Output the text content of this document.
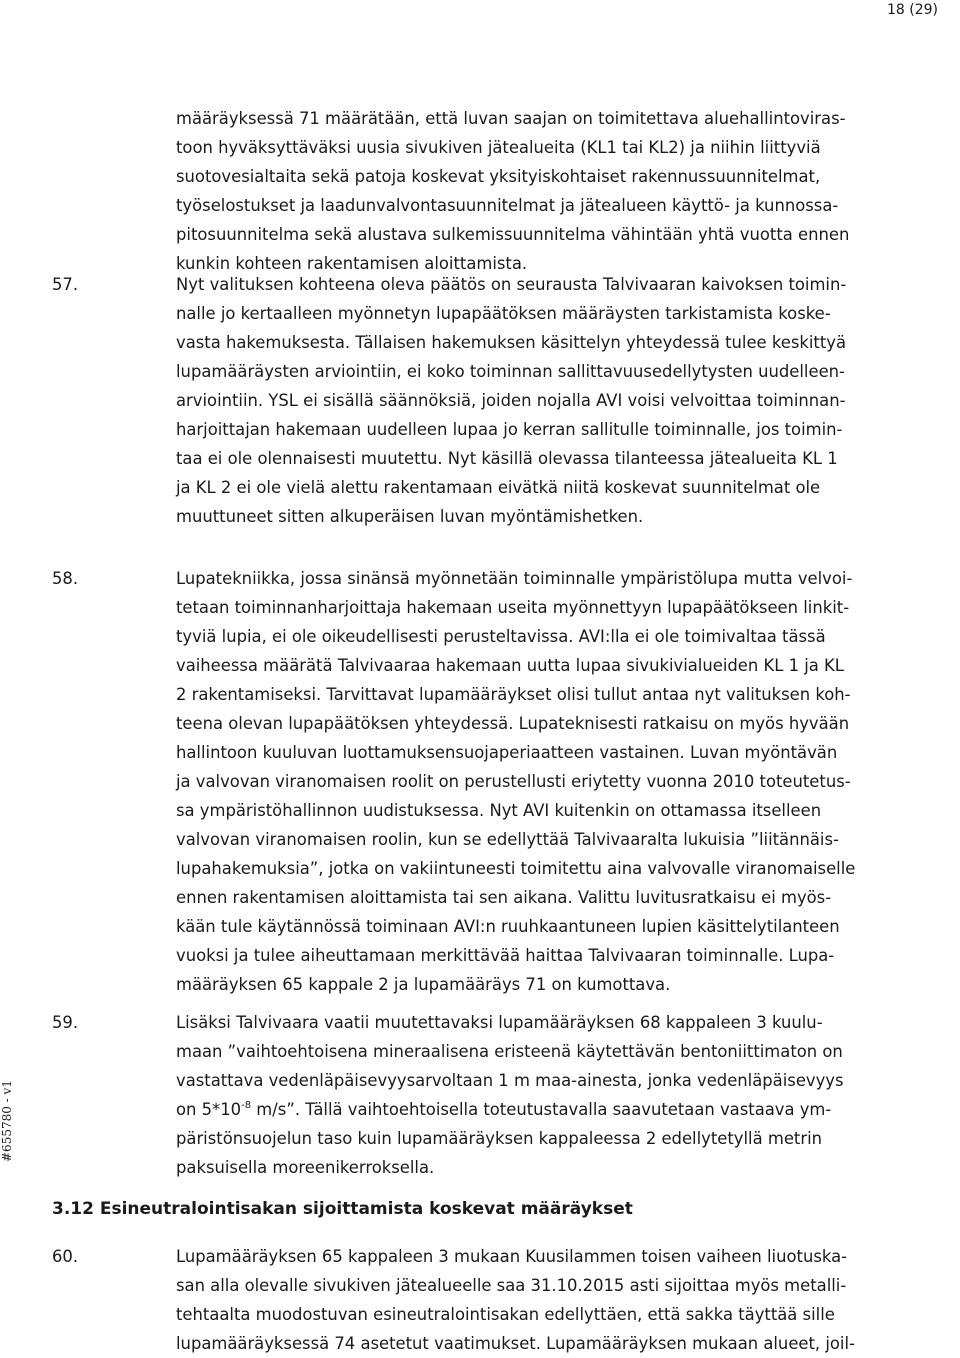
18 (29)
#655780 - v1
määräyksessä 71 määrätään, että luvan saajan on toimitettava aluehallintoviras-
toon hyväksyttäväksi uusia sivukiven jätealueita (KL1 tai KL2) ja niihin liittyviä
suotovesialtaita sekä patoja koskevat yksityiskohtaiset rakennussuunnitelmat,
työselostukset ja laadunvalvontasuunnitelmat ja jätealueen käyttö- ja kunnossa-
pitosuunnitelma sekä alustava sulkemissuunnitelma vähintään yhtä vuotta ennen
kunkin kohteen rakentamisen aloittamista.
57.	Nyt valituksen kohteena oleva päätös on seurausta Talvivaaran kaivoksen toimin-
nalle jo kertaalleen myönnetyn lupapäätöksen määräysten tarkistamista koske-
vasta hakemuksesta. Tällaisen hakemuksen käsittelyn yhteydessä tulee keskittyä
lupamääräysten arviointiin, ei koko toiminnan sallittavuusedellytysten uudelleen-
arviointiin. YSL ei sisällä säännöksiä, joiden nojalla AVI voisi velvoittaa toiminnan-
harjoittajan hakemaan uudelleen lupaa jo kerran sallitulle toiminnalle, jos toimin-
taa ei ole olennaisesti muutettu. Nyt käsillä olevassa tilanteessa jätealueita KL 1
ja KL 2 ei ole vielä alettu rakentamaan eivätkä niitä koskevat suunnitelmat ole
muuttuneet sitten alkuperäisen luvan myöntämishetken.
58.	Lupatekniikka, jossa sinänsä myönnetään toiminnalle ympäristölupa mutta velvoi-
tetaan toiminnanharjoittaja hakemaan useita myönnettyyn lupapäätökseen linkit-
tyviä lupia, ei ole oikeudellisesti perusteltavissa. AVI:lla ei ole toimivaltaa tässä
vaiheessa määrätä Talvivaaraa hakemaan uutta lupaa sivukivialueiden KL 1 ja KL
2 rakentamiseksi. Tarvittavat lupamääräykset olisi tullut antaa nyt valituksen koh-
teena olevan lupapäätöksen yhteydessä. Lupateknisesti ratkaisu on myös hyvään
hallintoon kuuluvan luottamuksensuojaperiaatteen vastainen. Luvan myöntävän
ja valvovan viranomaisen roolit on perustellusti eriytetty vuonna 2010 toteutetus-
sa ympäristöhallinnon uudistuksessa. Nyt AVI kuitenkin on ottamassa itselleen
valvovan viranomaisen roolin, kun se edellyttää Talvivaaralta lukuisia ”liitännäis-
lupahakemuksia”, jotka on vakiintuneesti toimitettu aina valvovalle viranomaiselle
ennen rakentamisen aloittamista tai sen aikana. Valittu luvitusratkaisu ei myös-
kään tule käytännössä toiminaan AVI:n ruuhkaantuneen lupien käsittelytilanteen
vuoksi ja tulee aiheuttamaan merkittävää haittaa Talvivaaran toiminnalle. Lupa-
määräyksen 65 kappale 2 ja lupamääräys 71 on kumottava.
59.	Lisäksi Talvivaara vaatii muutettavaksi lupamääräyksen 68 kappaleen 3 kuulu-
maan ”vaihtoehtoisena mineraalisena eristeenä käytettävän bentoniittimaton on
vastattava vedenläpäisevyysarvoltaan 1 m maa-ainesta, jonka vedenläpäisevyys
on $5*10^{-8}$ m/s”. Tällä vaihtoehtoisella toteutustavalla saavutetaan vastaava ym-
päristönsuojelun taso kuin lupamääräyksen kappaleessa 2 edellytetyllä metrin
paksuisella moreenikerroksella.
3.12 Esineutralointisakan sijoittamista koskevat määräykset
60.	Lupamääräyksen 65 kappaleen 3 mukaan Kuusilammen toisen vaiheen liuotuska-
san alla olevalle sivukiven jätealueelle saa 31.10.2015 asti sijoittaa myös metalli-
tehtaalta muodostuvan esineutralointisakan edellyttäen, että sakka täyttää sille
lupamääräyksessä 74 asetetut vaatimukset. Lupamääräyksen mukaan alueet, joil-
